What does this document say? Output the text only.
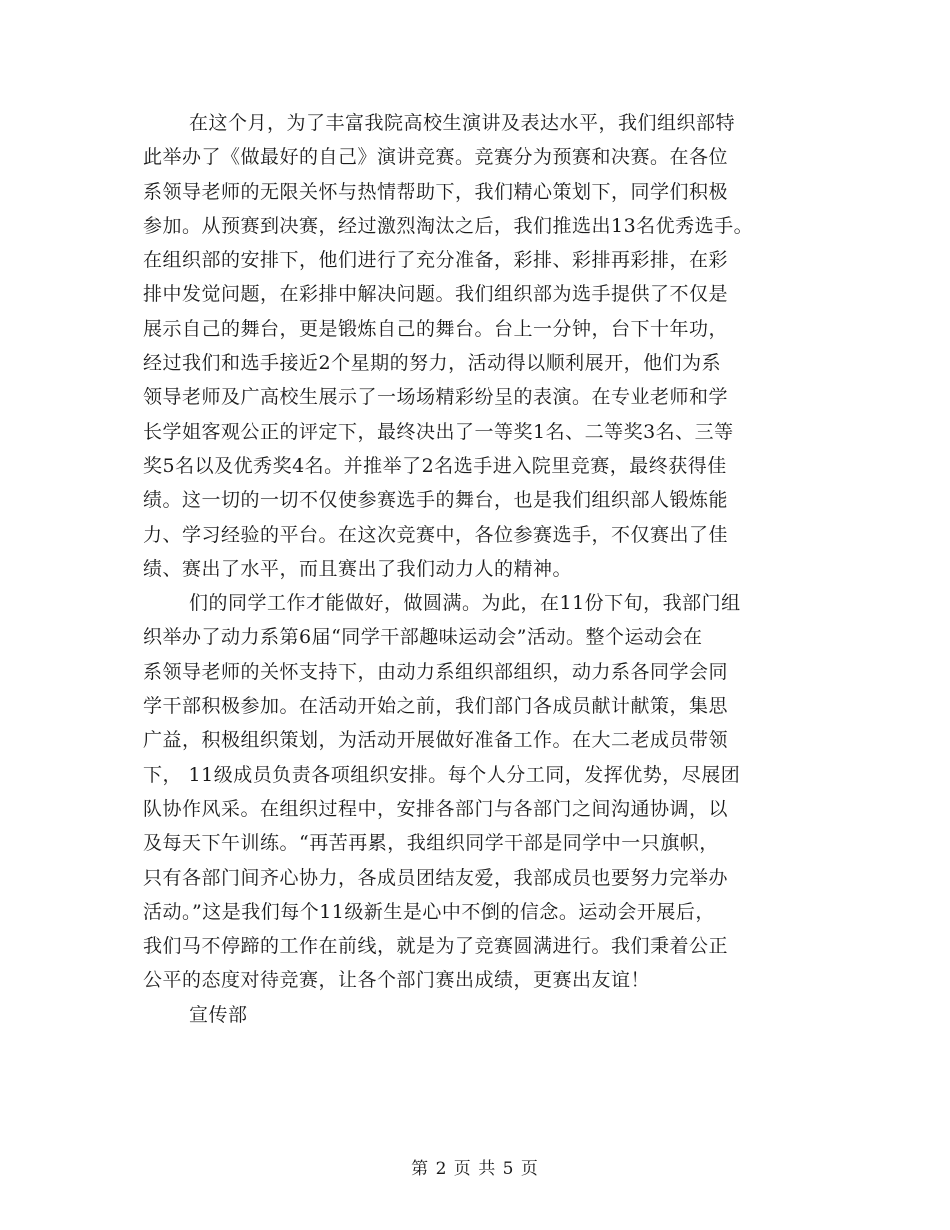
在这个月，为了丰富我院高校生演讲及表达水平，我们组织部特
此举办了《做最好的自己》演讲竞赛。竞赛分为预赛和决赛。在各位
系领导老师的无限关怀与热情帮助下，我们精心策划下，同学们积极
参加。从预赛到决赛，经过激烈淘汰之后，我们推选出13名优秀选手。
在组织部的安排下，他们进行了充分准备，彩排、彩排再彩排，在彩
排中发觉问题，在彩排中解决问题。我们组织部为选手提供了不仅是
展示自己的舞台，更是锻炼自己的舞台。台上一分钟，台下十年功，
经过我们和选手接近2个星期的努力，活动得以顺利展开，他们为系
领导老师及广高校生展示了一场场精彩纷呈的表演。在专业老师和学
长学姐客观公正的评定下，最终决出了一等奖1名、二等奖3名、三等
奖5名以及优秀奖4名。并推举了2名选手进入院里竞赛，最终获得佳
绩。这一切的一切不仅使参赛选手的舞台，也是我们组织部人锻炼能
力、学习经验的平台。在这次竞赛中，各位参赛选手，不仅赛出了佳
绩、赛出了水平，而且赛出了我们动力人的精神。
们的同学工作才能做好，做圆满。为此，在11份下旬，我部门组
织举办了动力系第6届“同学干部趣味运动会”活动。整个运动会在
系领导老师的关怀支持下，由动力系组织部组织，动力系各同学会同
学干部积极参加。在活动开始之前，我们部门各成员献计献策，集思
广益，积极组织策划，为活动开展做好准备工作。在大二老成员带领
下， 11级成员负责各项组织安排。每个人分工同，发挥优势，尽展团
队协作风采。在组织过程中，安排各部门与各部门之间沟通协调，以
及每天下午训练。“再苦再累，我组织同学干部是同学中一只旗帜，
只有各部门间齐心协力，各成员团结友爱，我部成员也要努力完举办
活动。”这是我们每个11级新生是心中不倒的信念。运动会开展后，
我们马不停蹄的工作在前线，就是为了竞赛圆满进行。我们秉着公正
公平的态度对待竞赛，让各个部门赛出成绩，更赛出友谊！
宣传部
第 2 页 共 5 页
